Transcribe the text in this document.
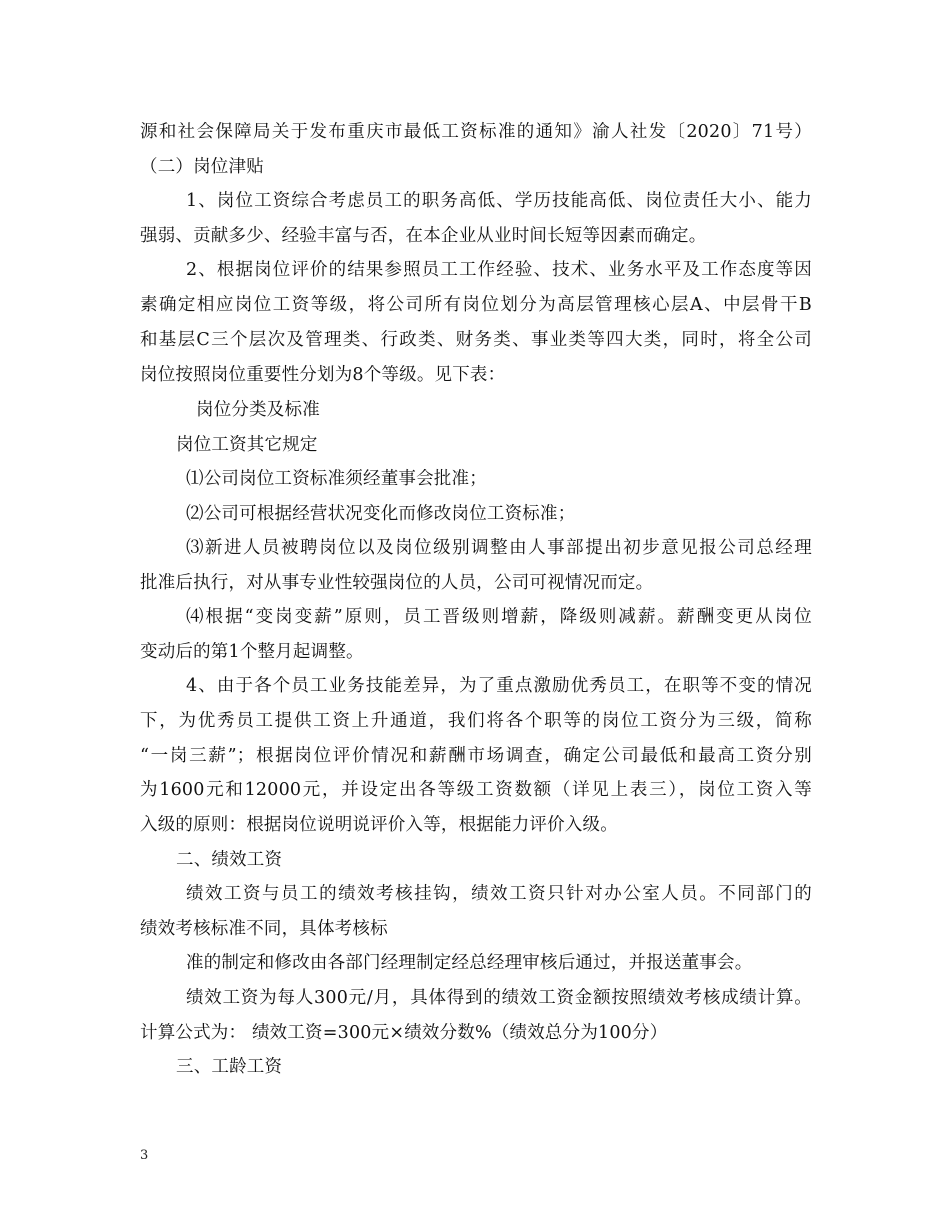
源和社会保障局关于发布重庆市最低工资标准的通知》渝人社发〔2020〕71号）
（二）岗位津贴
1、岗位工资综合考虑员工的职务高低、学历技能高低、岗位责任大小、能力
强弱、贡献多少、经验丰富与否，在本企业从业时间长短等因素而确定。
2、根据岗位评价的结果参照员工工作经验、技术、业务水平及工作态度等因
素确定相应岗位工资等级，将公司所有岗位划分为高层管理核心层A、中层骨干B
和基层C三个层次及管理类、行政类、财务类、事业类等四大类，同时，将全公司
岗位按照岗位重要性分划为8个等级。见下表：
岗位分类及标准
岗位工资其它规定
⑴公司岗位工资标准须经董事会批准；
⑵公司可根据经营状况变化而修改岗位工资标准；
⑶新进人员被聘岗位以及岗位级别调整由人事部提出初步意见报公司总经理
批准后执行，对从事专业性较强岗位的人员，公司可视情况而定。
⑷根据“变岗变薪”原则，员工晋级则增薪，降级则减薪。薪酬变更从岗位
变动后的第1个整月起调整。
4、由于各个员工业务技能差异，为了重点激励优秀员工，在职等不变的情况
下，为优秀员工提供工资上升通道，我们将各个职等的岗位工资分为三级，简称
“一岗三薪”；根据岗位评价情况和薪酬市场调查，确定公司最低和最高工资分别
为1600元和12000元，并设定出各等级工资数额（详见上表三），岗位工资入等
入级的原则：根据岗位说明说评价入等，根据能力评价入级。
二、绩效工资
绩效工资与员工的绩效考核挂钩，绩效工资只针对办公室人员。不同部门的
绩效考核标准不同，具体考核标
准的制定和修改由各部门经理制定经总经理审核后通过，并报送董事会。
绩效工资为每人300元/月，具体得到的绩效工资金额按照绩效考核成绩计算。
计算公式为： 绩效工资=300元×绩效分数%（绩效总分为100分）
三、工龄工资
3
